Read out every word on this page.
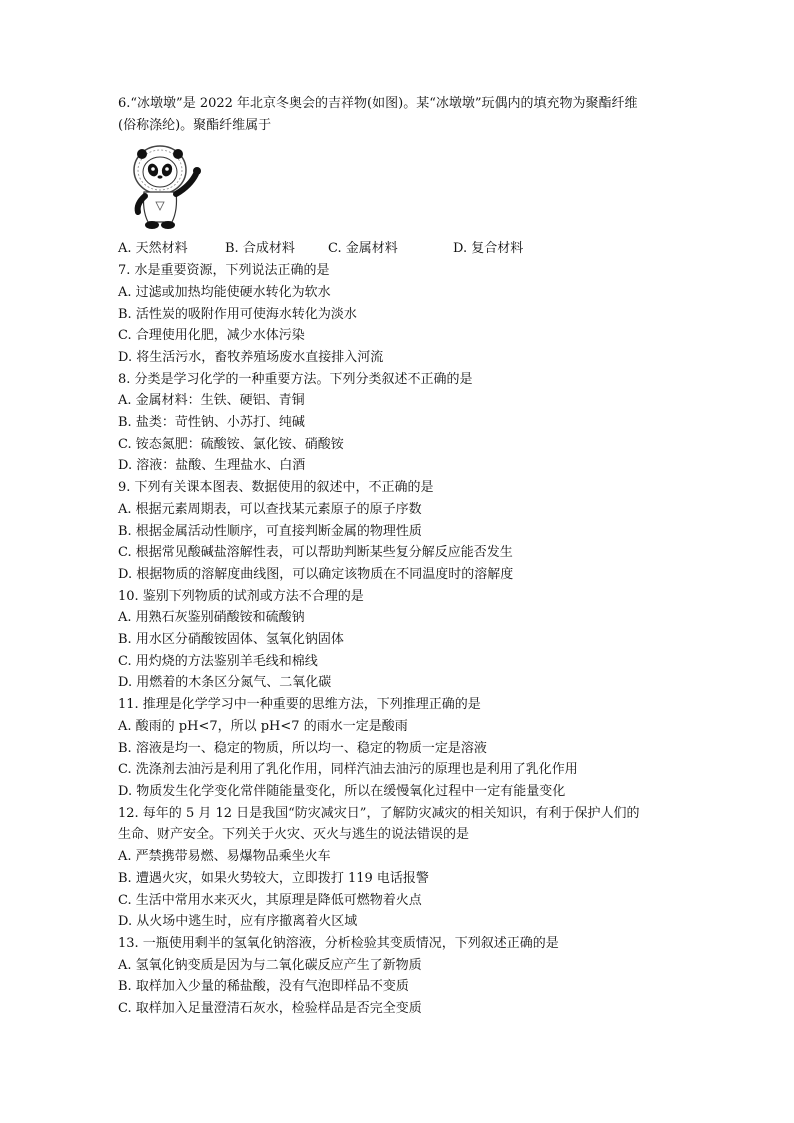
6.“冰墩墩”是 2022 年北京冬奥会的吉祥物(如图)。某“冰墩墩”玩偶内的填充物为聚酯纤维
(俗称涤纶)。聚酯纤维属于
A. 天然材料	B. 合成材料	C. 金属材料	D. 复合材料
7. 水是重要资源，下列说法正确的是
A. 过滤或加热均能使硬水转化为软水
B. 活性炭的吸附作用可使海水转化为淡水
C. 合理使用化肥，减少水体污染
D. 将生活污水，畜牧养殖场废水直接排入河流
8. 分类是学习化学的一种重要方法。下列分类叙述不正确的是
A. 金属材料：生铁、硬铝、青铜
B. 盐类：苛性钠、小苏打、纯碱
C. 铵态氮肥：硫酸铵、氯化铵、硝酸铵
D. 溶液：盐酸、生理盐水、白酒
9. 下列有关课本图表、数据使用的叙述中，不正确的是
A. 根据元素周期表，可以查找某元素原子的原子序数
B. 根据金属活动性顺序，可直接判断金属的物理性质
C. 根据常见酸碱盐溶解性表，可以帮助判断某些复分解反应能否发生
D. 根据物质的溶解度曲线图，可以确定该物质在不同温度时的溶解度
10. 鉴别下列物质的试剂或方法不合理的是
A. 用熟石灰鉴别硝酸铵和硫酸钠
B. 用水区分硝酸铵固体、氢氧化钠固体
C. 用灼烧的方法鉴别羊毛线和棉线
D. 用燃着的木条区分氮气、二氧化碳
11. 推理是化学学习中一种重要的思维方法，下列推理正确的是
A. 酸雨的 pH<7，所以 pH<7 的雨水一定是酸雨
B. 溶液是均一、稳定的物质，所以均一、稳定的物质一定是溶液
C. 洗涤剂去油污是利用了乳化作用，同样汽油去油污的原理也是利用了乳化作用
D. 物质发生化学变化常伴随能量变化，所以在缓慢氧化过程中一定有能量变化
12. 每年的 5 月 12 日是我国“防灾减灾日”，了解防灾减灾的相关知识，有利于保护人们的
生命、财产安全。下列关于火灾、灭火与逃生的说法错误的是
A. 严禁携带易燃、易爆物品乘坐火车
B. 遭遇火灾，如果火势较大，立即拨打 119 电话报警
C. 生活中常用水来灭火，其原理是降低可燃物着火点
D. 从火场中逃生时，应有序撤离着火区域
13. 一瓶使用剩半的氢氧化钠溶液，分析检验其变质情况，下列叙述正确的是
A. 氢氧化钠变质是因为与二氧化碳反应产生了新物质
B. 取样加入少量的稀盐酸，没有气泡即样品不变质
C. 取样加入足量澄清石灰水，检验样品是否完全变质
